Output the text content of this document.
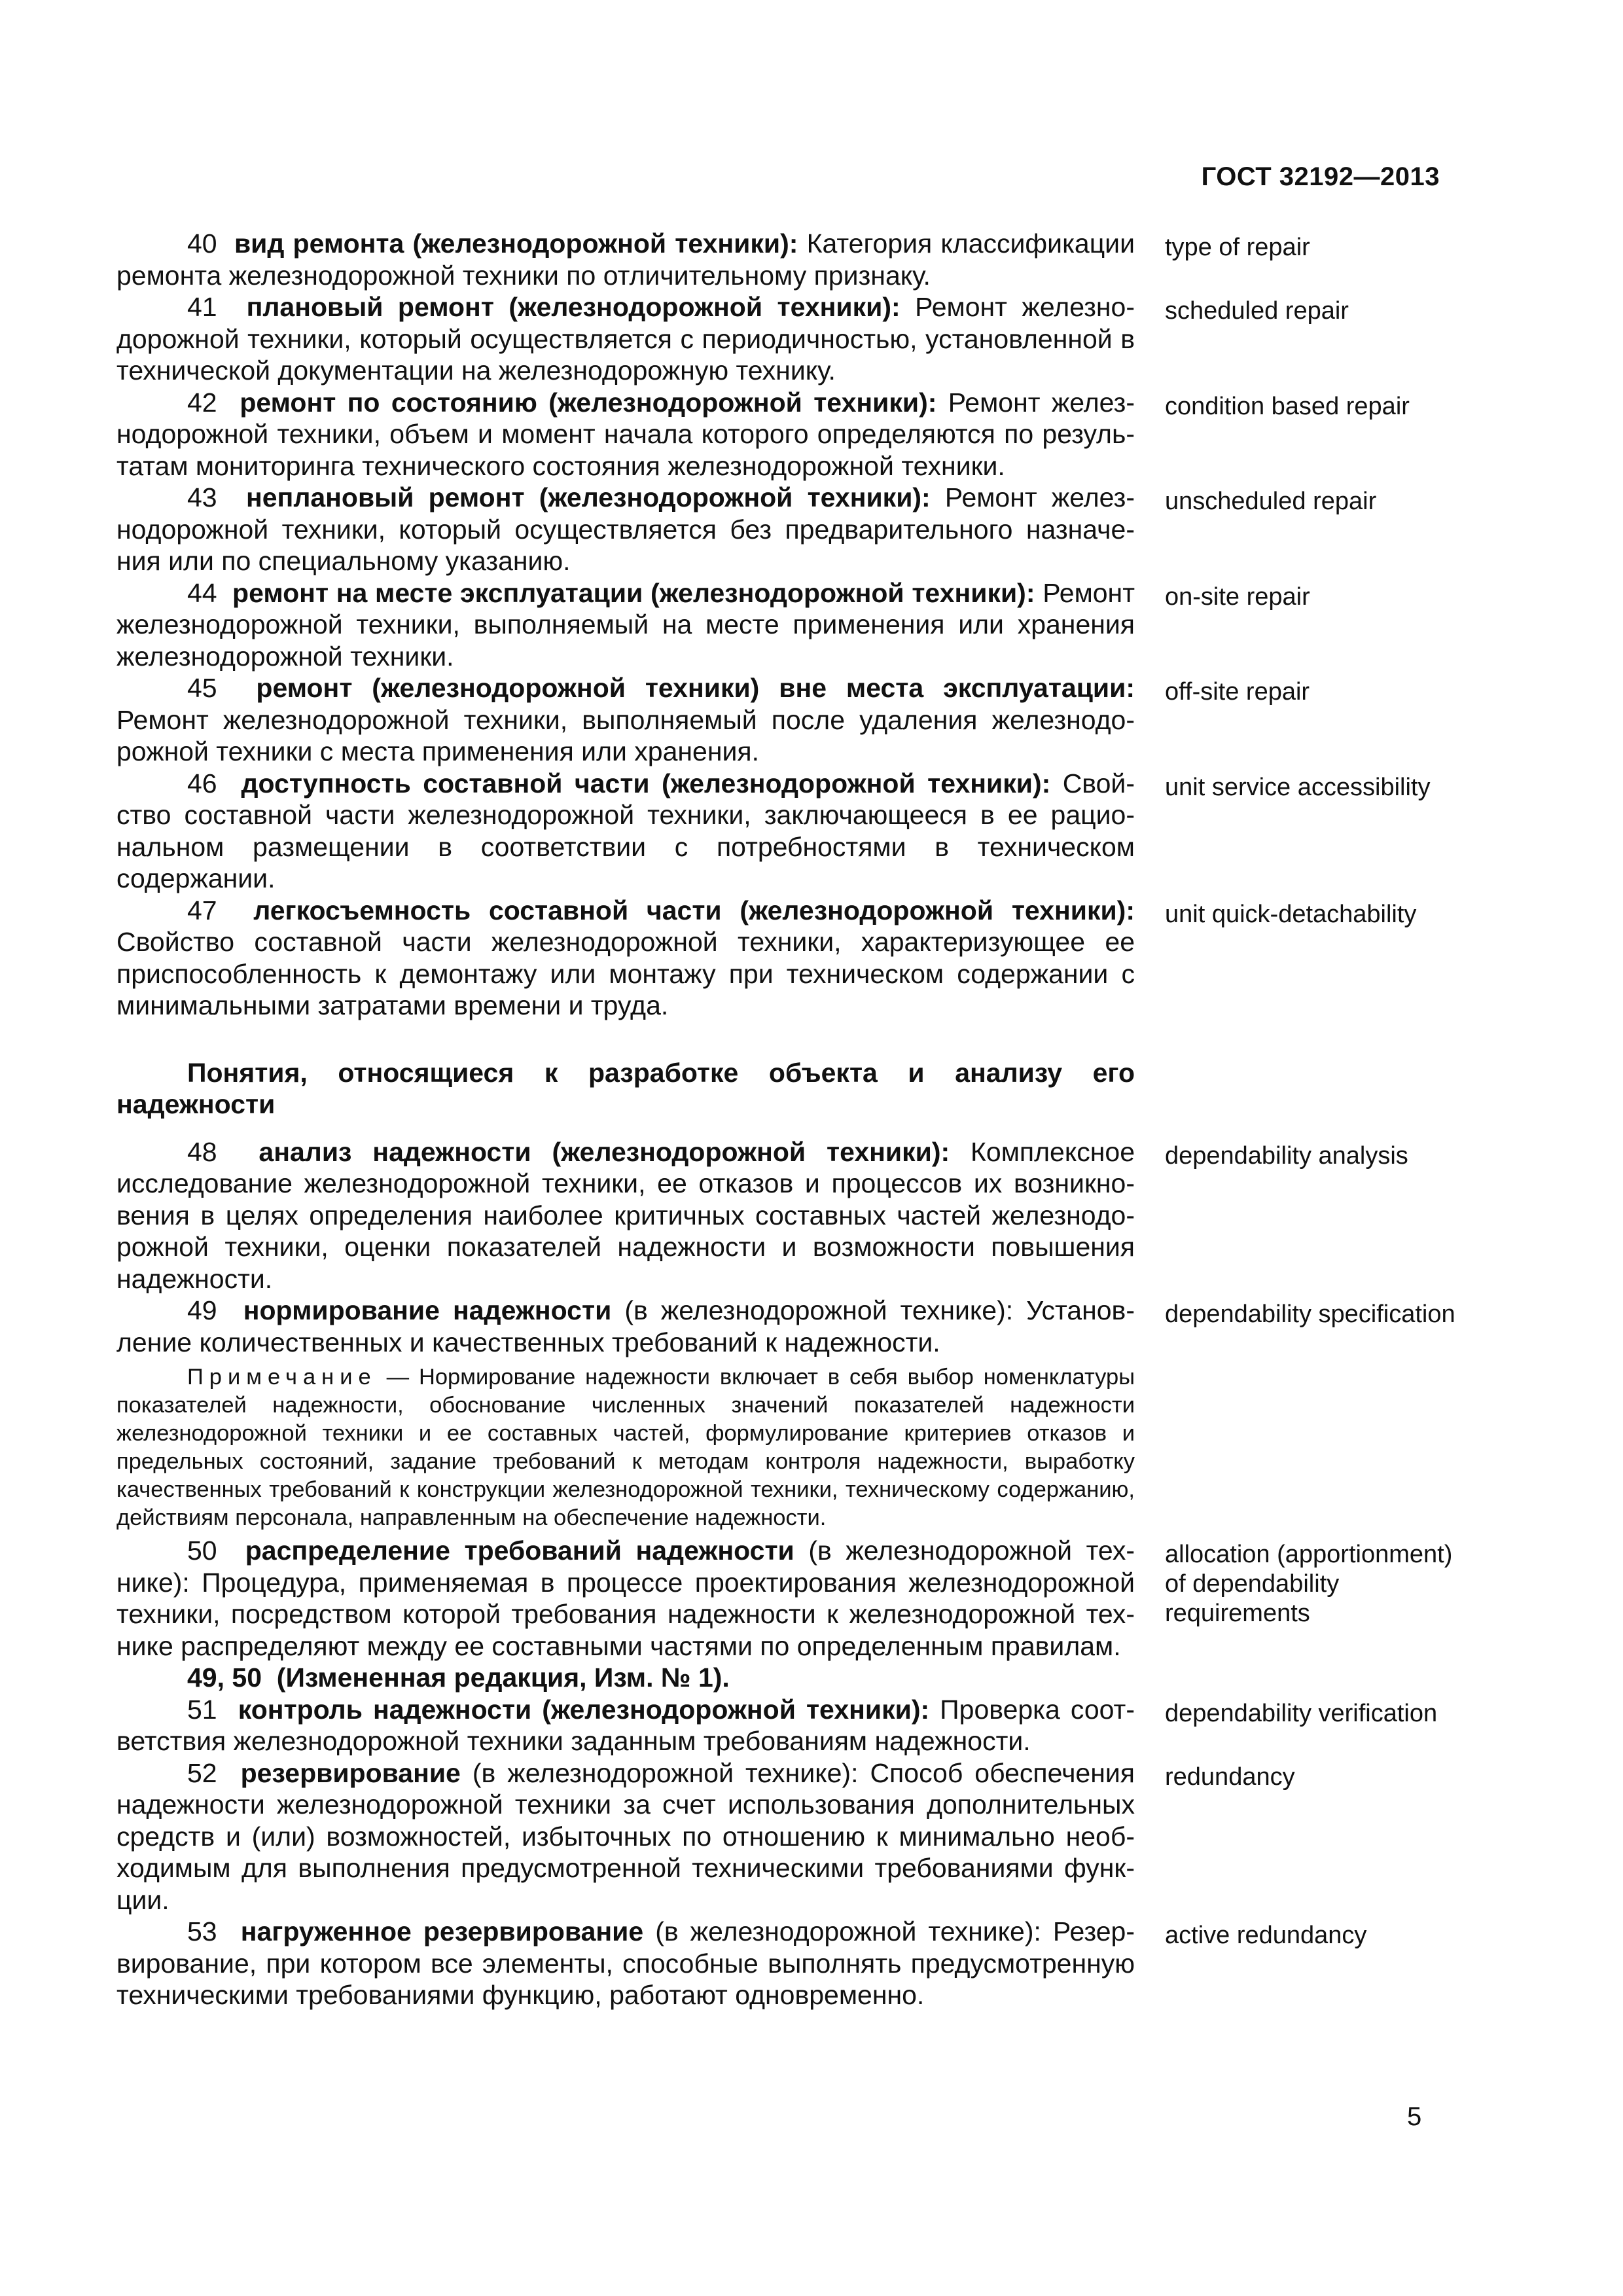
ГОСТ 32192—2013

40 вид ремонта (железнодорожной техники): Категория классификации ремонта железнодорожной техники по отличительному признаку.

41 плановый ремонт (железнодорожной техники): Ремонт железнодорожной техники, который осуществляется с периодичностью, установленной в технической документации на железнодорожную технику.

42 ремонт по состоянию (железнодорожной техники): Ремонт железнодорожной техники, объем и момент начала которого определяются по результатам мониторинга технического состояния железнодорожной техники.

43 неплановый ремонт (железнодорожной техники): Ремонт железнодорожной техники, который осуществляется без предварительного назначения или по специальному указанию.

44 ремонт на месте эксплуатации (железнодорожной техники): Ремонт железнодорожной техники, выполняемый на месте применения или хранения железнодорожной техники.

45 ремонт (железнодорожной техники) вне места эксплуатации: Ремонт железнодорожной техники, выполняемый после удаления железнодорожной техники с места применения или хранения.

46 доступность составной части (железнодорожной техники): Свойство составной части железнодорожной техники, заключающееся в ее рациональном размещении в соответствии с потребностями в техническом содержании.

47 легкосъемность составной части (железнодорожной техники): Свойство составной части железнодорожной техники, характеризующее ее приспособленность к демонтажу или монтажу при техническом содержании с минимальными затратами времени и труда.

Понятия, относящиеся к разработке объекта и анализу его надежности

48 анализ надежности (железнодорожной техники): Комплексное исследование железнодорожной техники, ее отказов и процессов их возникновения в целях определения наиболее критичных составных частей железнодорожной техники, оценки показателей надежности и возможности повышения надежности.

49 нормирование надежности (в железнодорожной технике): Установление количественных и качественных требований к надежности.

Примечание — Нормирование надежности включает в себя выбор номенклатуры показателей надежности, обоснование численных значений показателей надежности железнодорожной техники и ее составных частей, формулирование критериев отказов и предельных состояний, задание требований к методам контроля надежности, выработку качественных требований к конструкции железнодорожной техники, техническому содержанию, действиям персонала, направленным на обеспечение надежности.

50 распределение требований надежности (в железнодорожной технике): Процедура, применяемая в процессе проектирования железнодорожной техники, посредством которой требования надежности к железнодорожной технике распределяют между ее составными частями по определенным правилам.

49, 50 (Измененная редакция, Изм. № 1).

51 контроль надежности (железнодорожной техники): Проверка соответствия железнодорожной техники заданным требованиям надежности.

52 резервирование (в железнодорожной технике): Способ обеспечения надежности железнодорожной техники за счет использования дополнительных средств и (или) возможностей, избыточных по отношению к минимально необходимым для выполнения предусмотренной техническими требованиями функции.

53 нагруженное резервирование (в железнодорожной технике): Резервирование, при котором все элементы, способные выполнять предусмотренную техническими требованиями функцию, работают одновременно.

type of repair
scheduled repair
condition based repair
unscheduled repair
on-site repair
off-site repair
unit service accessibility
unit quick-detachability
dependability analysis
dependability specification
allocation (apportionment) of dependability requirements
dependability verification
redundancy
active redundancy
5
